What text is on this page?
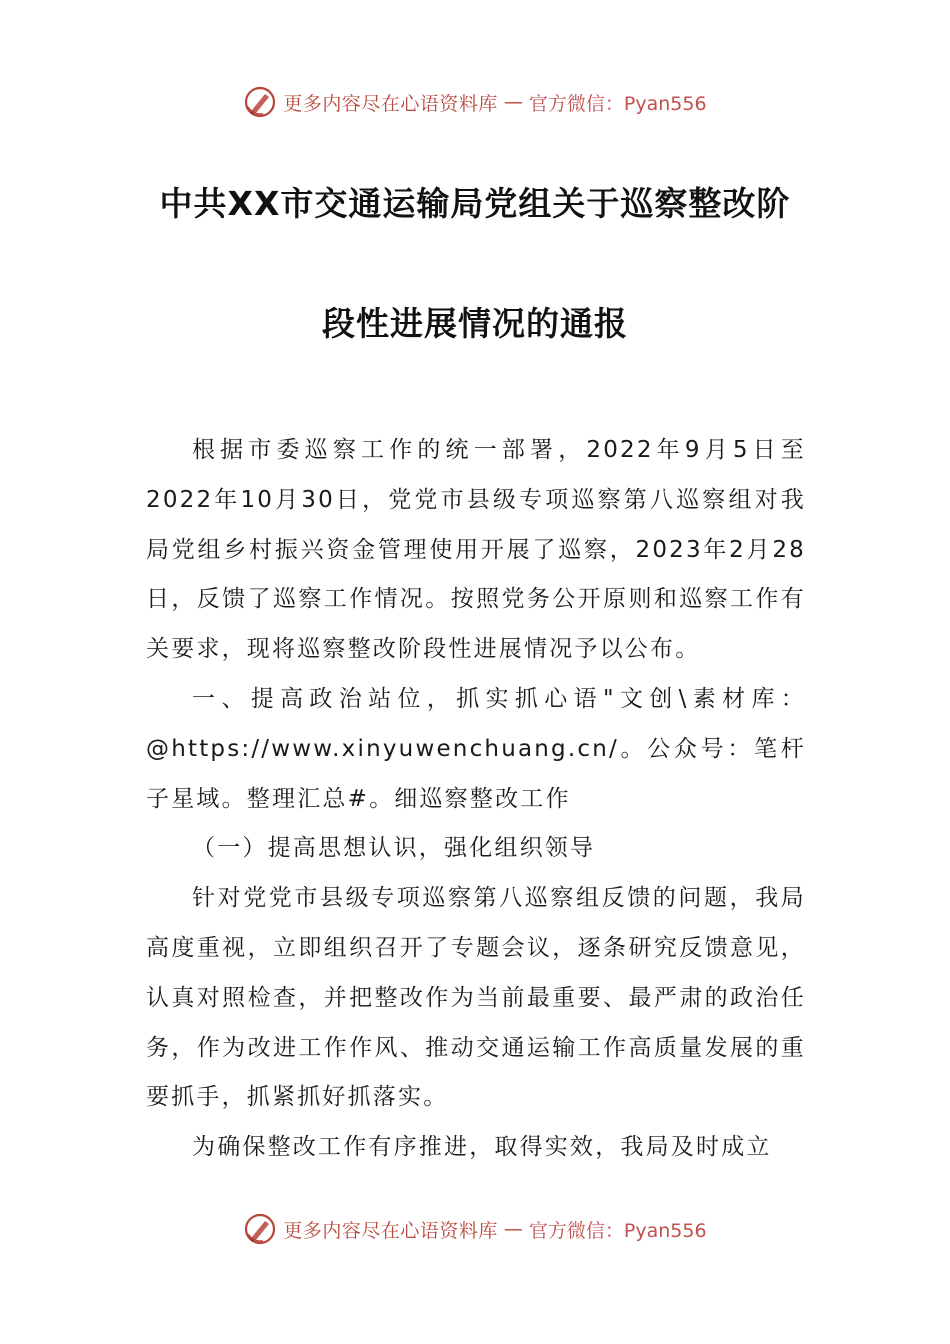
更多内容尽在心语资料库 — 官方微信：Pyan556
中共XX市交通运输局党组关于巡察整改阶
段性进展情况的通报

根据市委巡察工作的统一部署，2022年9月5日至2022年10月30日，党党市县级专项巡察第八巡察组对我局党组乡村振兴资金管理使用开展了巡察，2023年2月28日，反馈了巡察工作情况。按照党务公开原则和巡察工作有关要求，现将巡察整改阶段性进展情况予以公布。

一、提高政治站位，抓实抓心语"文创\素材库：@https://www.xinyuwenchuang.cn/。公众号：笔杆子星域。整理汇总#。细巡察整改工作

（一）提高思想认识，强化组织领导

针对党党市县级专项巡察第八巡察组反馈的问题，我局高度重视，立即组织召开了专题会议，逐条研究反馈意见，认真对照检查，并把整改作为当前最重要、最严肃的政治任务，作为改进工作作风、推动交通运输工作高质量发展的重要抓手，抓紧抓好抓落实。

为确保整改工作有序推进，取得实效，我局及时成立

更多内容尽在心语资料库 — 官方微信：Pyan556
